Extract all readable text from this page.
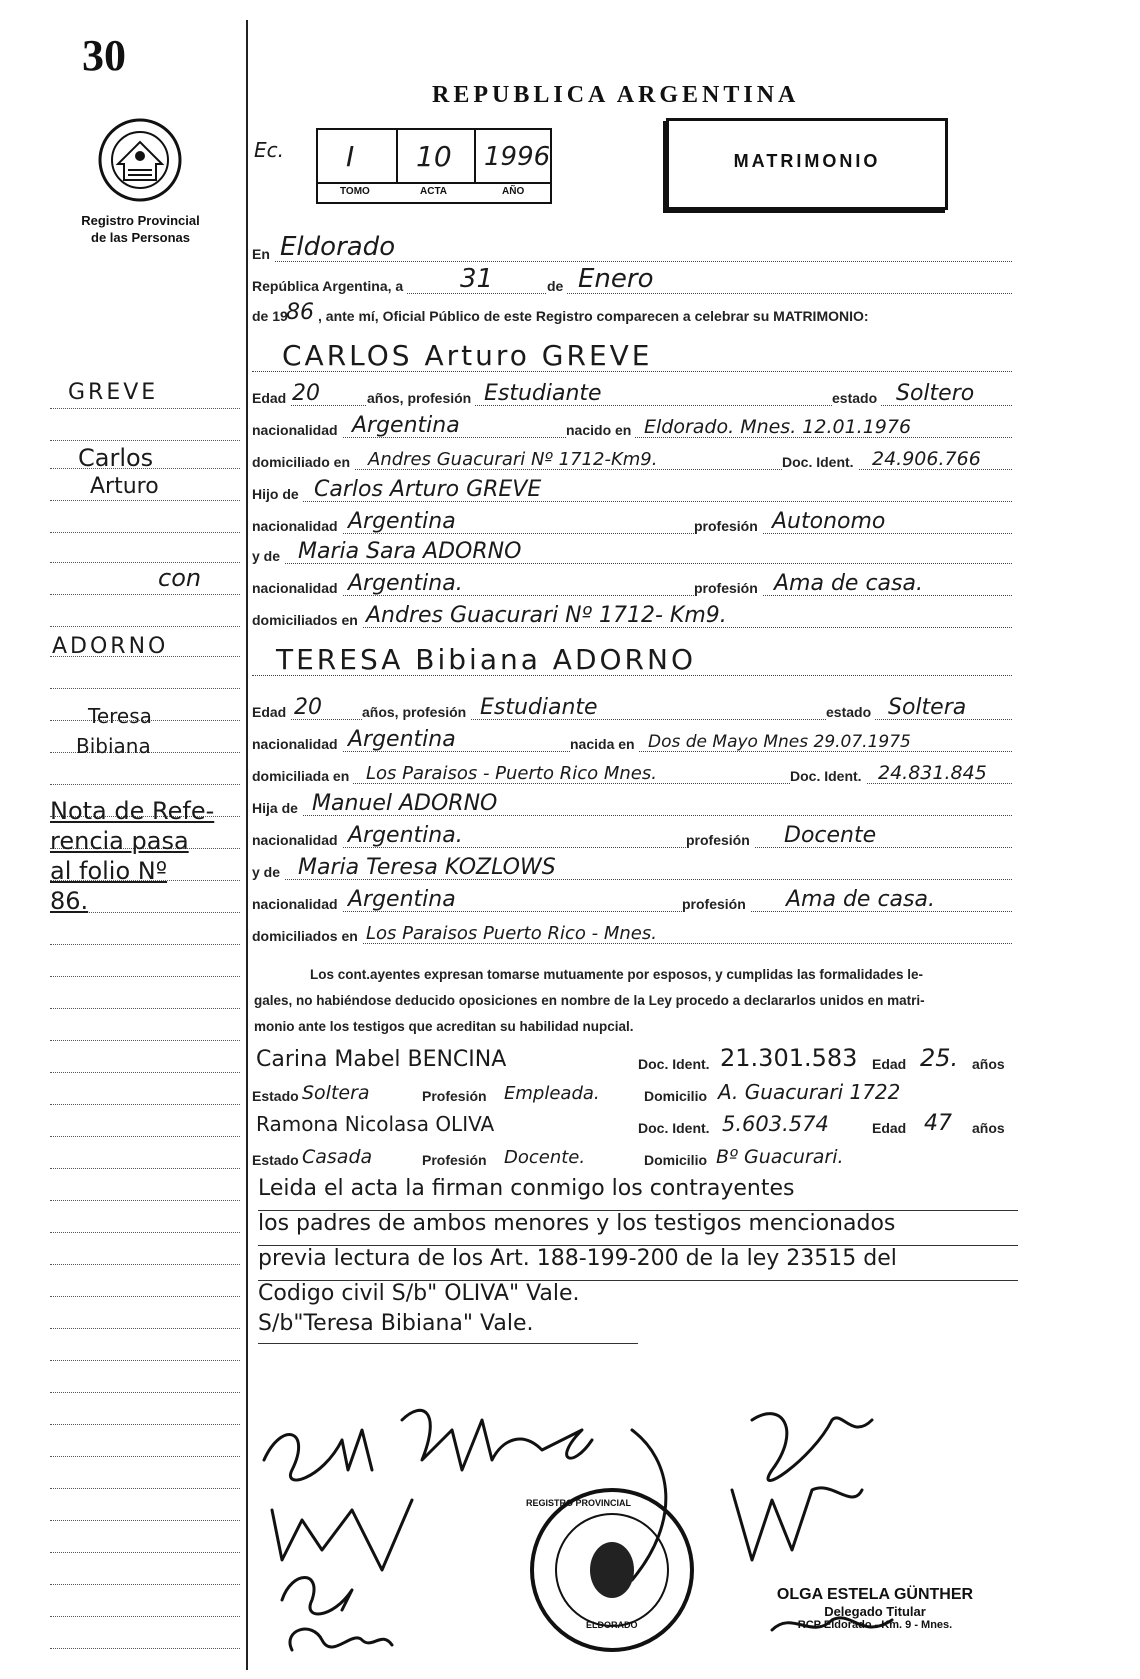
30
Registro Provincial
de las Personas
REPUBLICA ARGENTINA
Ec. I 10 1996
TOMO	ACTA	AÑO
MATRIMONIO
En Eldorado
República Argentina, a 31	de Enero
de 19
86 , ante mí, Oficial Público de este Registro comparecen a celebrar su MATRIMONIO:
CARLOS Arturo GREVE
Edad 20	años, profesión Estudiante	estado Soltero
nacionalidad Argentina	nacido en Eldorado. Mnes. 12.01.1976
domiciliado en Andres Guacurari Nº 1712-Km9.	Doc. Ident. 24.906.766
Hijo de Carlos Arturo GREVE
nacionalidad Argentina	profesión Autonomo
y de Maria Sara ADORNO
nacionalidad Argentina.	profesión Ama de casa.
domiciliados en Andres Guacurari Nº 1712- Km9.
TERESA Bibiana ADORNO
Edad 20	años, profesión Estudiante	estado Soltera
nacionalidad Argentina	nacida en Dos de Mayo Mnes 29.07.1975
domiciliada en Los Paraisos - Puerto Rico Mnes.	Doc. Ident. 24.831.845
Hija de Manuel ADORNO
nacionalidad Argentina.	profesión Docente
y de Maria Teresa KOZLOWS
nacionalidad Argentina	profesión Ama de casa.
domiciliados en Los Paraisos Puerto Rico - Mnes.
Los cont.ayentes expresan tomarse mutuamente por esposos, y cumplidas las formalidades le-
gales, no habiéndose deducido oposiciones en nombre de la Ley procedo a declararlos unidos en matri-
monio ante los testigos que acreditan su habilidad nupcial.
Carina Mabel BENCINA	Doc. Ident. 21.301.583 Edad 25. años
Estado Soltera	Profesión Empleada.	Domicilio A. Guacurari 1722
Ramona Nicolasa OLIVA	Doc. Ident. 5.603.574	Edad 47 años
Estado Casada	Profesión Docente.	Domicilio Bº Guacurari.
Leida el acta la firman conmigo los contrayentes
los padres de ambos menores y los testigos mencionados
previa lectura de los Art. 188-199-200 de la ley 23515 del
Codigo civil S/b" OLIVA" Vale.
S/b"Teresa Bibiana" Vale.
GREVE
Carlos
Arturo
con
ADORNO
Teresa
Bibiana
Nota de Refe-
rencia pasa
al folio Nº
86.
REGISTRO PROVINCIAL
ELDORADO
OLGA ESTELA GÜNTHER
Delegado Titular
RCP Eldorado - Km. 9 - Mnes.
